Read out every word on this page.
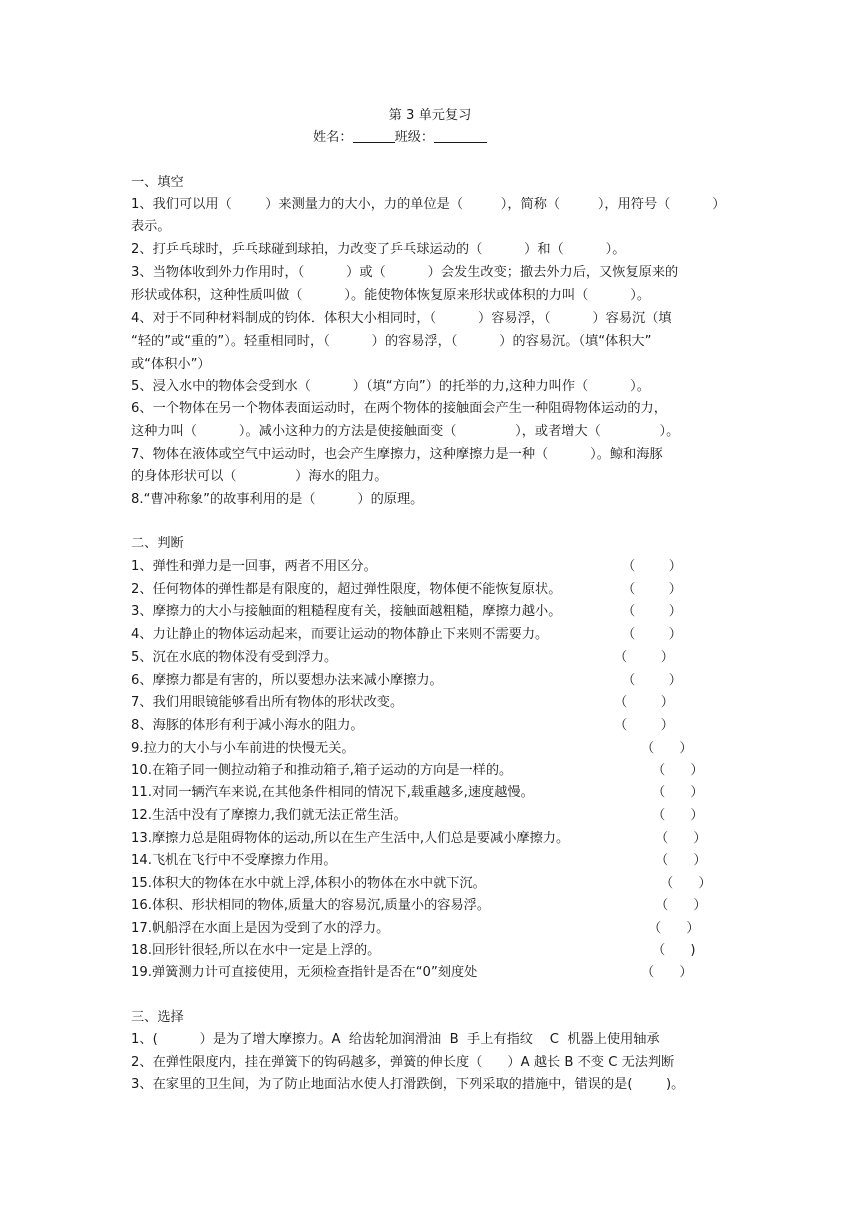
第 3 单元复习
姓名：	班级：
一、填空
1、我们可以用（        ）来测量力的大小，力的单位是（         ），简称（         ），用符号（          ）
表示。
2、打乒乓球时，乒乓球碰到球拍，力改变了乒乓球运动的（          ）和（          ）。
3、当物体收到外力作用时，（          ）或（          ）会发生改变；撤去外力后，又恢复原来的
形状或体积，这种性质叫做（          ）。能使物体恢复原来形状或体积的力叫（          ）。
4、对于不同种材料制成的钧体．体积大小相同时，（          ）容易浮，（          ）容易沉（填
“轻的”或“重的”）。轻重相同时，（          ）的容易浮，（          ）的容易沉。（填“体积大”
或“体积小”）
5、浸入水中的物体会受到水（          ）（填“方向”）的托举的力,这种力叫作（          ）。
6、一个物体在另一个物体表面运动时，在两个物体的接触面会产生一种阻碍物体运动的力，
这种力叫（          ）。减小这种力的方法是使接触面变（              ），或者增大（              ）。
7、物体在液体或空气中运动时，也会产生摩擦力，这种摩擦力是一种（          ）。鲸和海豚
的身体形状可以（              ）海水的阻力。
8.“曹冲称象”的故事利用的是（          ）的原理。
二、判断
1、弹性和弹力是一回事，两者不用区分。	（        ）
2、任何物体的弹性都是有限度的，超过弹性限度，物体便不能恢复原状。	（        ）
3、摩擦力的大小与接触面的粗糙程度有关，接触面越粗糙，摩擦力越小。	（        ）
4、力让静止的物体运动起来，而要让运动的物体静止下来则不需要力。	（        ）
5、沉在水底的物体没有受到浮力。	（        ）
6、摩擦力都是有害的，所以要想办法来减小摩擦力。	（        ）
7、我们用眼镜能够看出所有物体的形状改变。	（        ）
8、海豚的体形有利于减小海水的阻力。	（        ）
9.拉力的大小与小车前进的快慢无关。	（      ）
10.在箱子同一侧拉动箱子和推动箱子,箱子运动的方向是一样的。	（      ）
11.对同一辆汽车来说,在其他条件相同的情况下,载重越多,速度越慢。	（      ）
12.生活中没有了摩擦力,我们就无法正常生活。	（      ）
13.摩擦力总是阻碍物体的运动,所以在生产生活中,人们总是要减小摩擦力。	（      ）
14.飞机在飞行中不受摩擦力作用。	（      ）
15.体积大的物体在水中就上浮,体积小的物体在水中就下沉。	（      ）
16.体积、形状相同的物体,质量大的容易沉,质量小的容易浮。	（      ）
17.帆船浮在水面上是因为受到了水的浮力。	（      ）
18.回形针很轻,所以在水中一定是上浮的。	（      )
19.弹簧测力计可直接使用，无须检查指针是否在“0”刻度处	（      ）
三、选择
1、(          ）是为了增大摩擦力。A  给齿轮加润滑油  B  手上有指纹    C  机器上使用轴承
2、在弹性限度内，挂在弹簧下的钩码越多，弹簧的伸长度（      ）A 越长 B 不变 C 无法判断
3、在家里的卫生间，为了防止地面沾水使人打滑跌倒，下列采取的措施中，错误的是(        )。
